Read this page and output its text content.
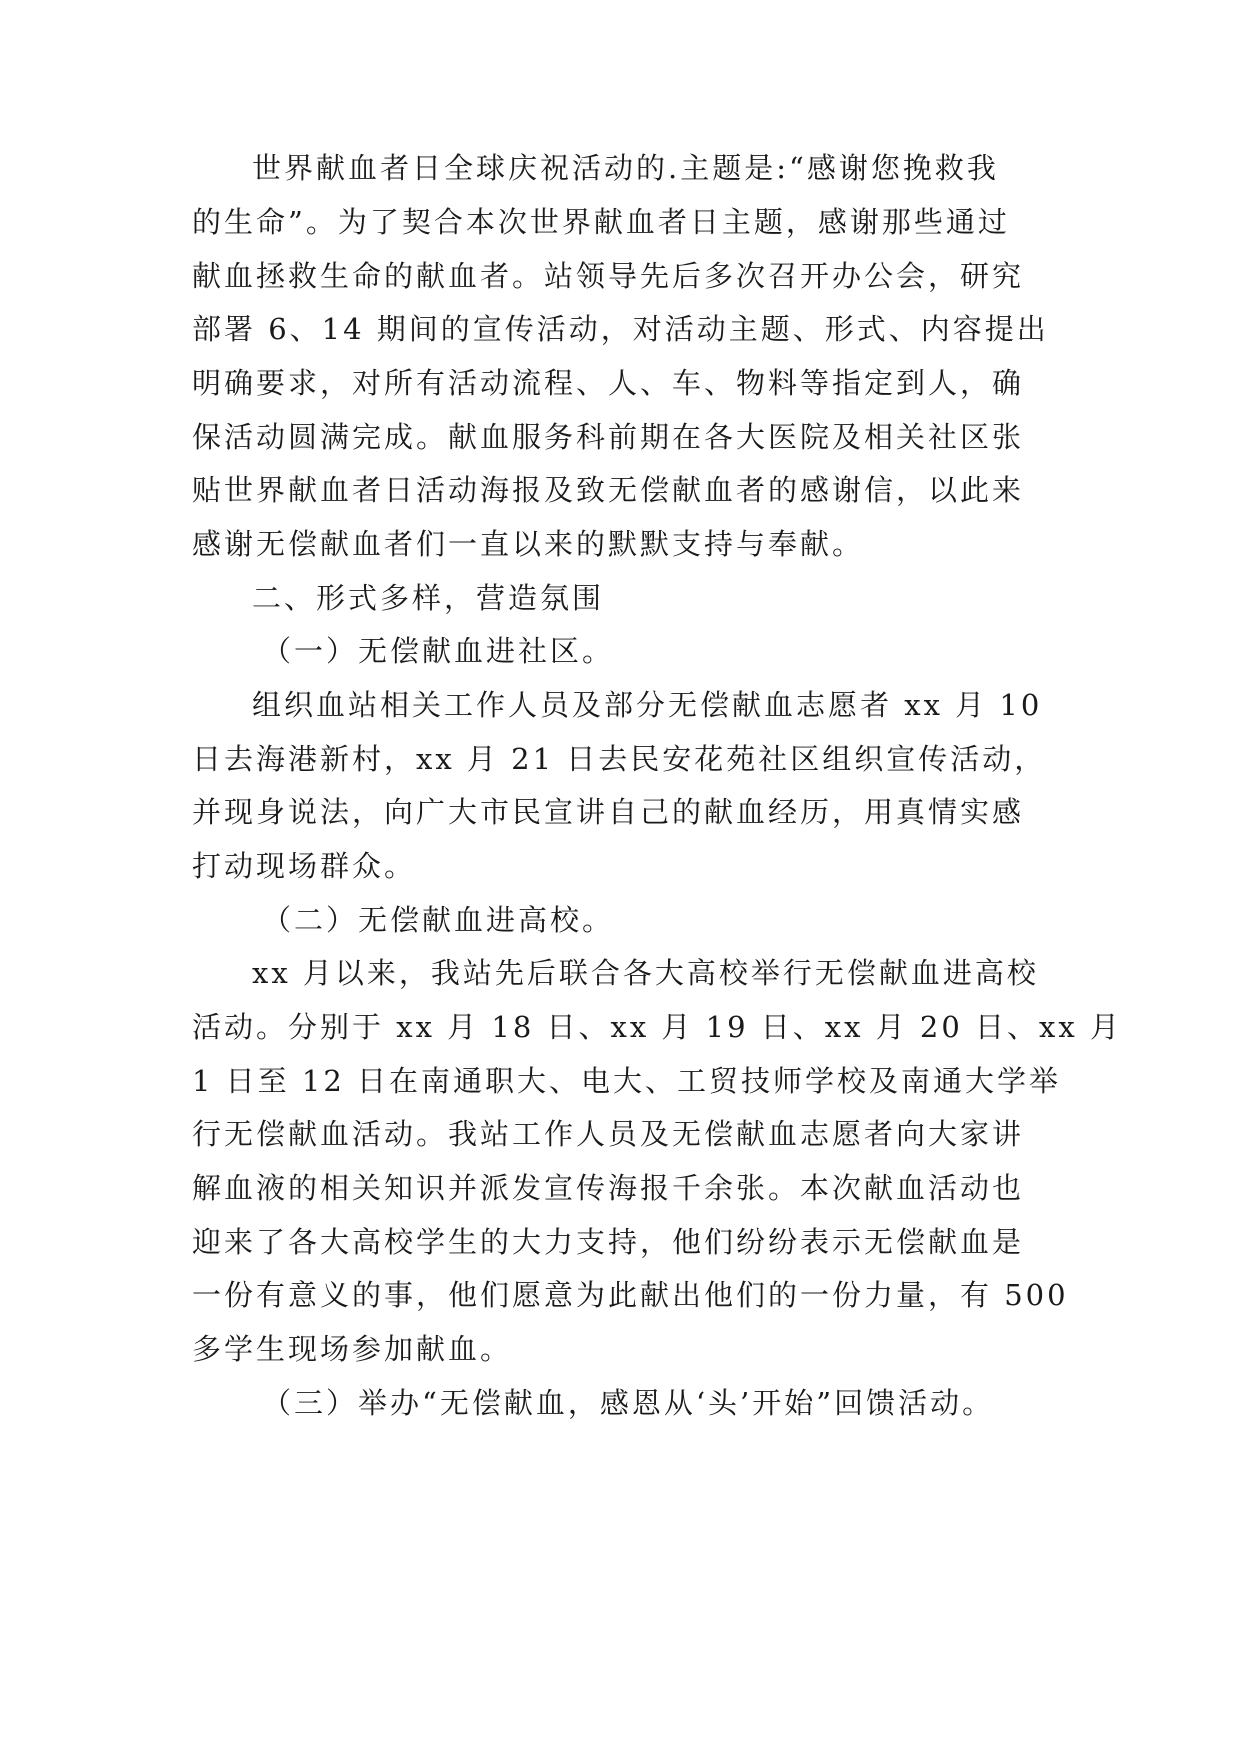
世界献血者日全球庆祝活动的.主题是:“感谢您挽救我
的生命”。为了契合本次世界献血者日主题，感谢那些通过
献血拯救生命的献血者。站领导先后多次召开办公会，研究
部署 6、14 期间的宣传活动，对活动主题、形式、内容提出
明确要求，对所有活动流程、人、车、物料等指定到人，确
保活动圆满完成。献血服务科前期在各大医院及相关社区张
贴世界献血者日活动海报及致无偿献血者的感谢信，以此来
感谢无偿献血者们一直以来的默默支持与奉献。
二、形式多样，营造氛围
（一）无偿献血进社区。
组织血站相关工作人员及部分无偿献血志愿者 xx 月 10
日去海港新村，xx 月 21 日去民安花苑社区组织宣传活动，
并现身说法，向广大市民宣讲自己的献血经历，用真情实感
打动现场群众。
（二）无偿献血进高校。
xx 月以来，我站先后联合各大高校举行无偿献血进高校
活动。分别于 xx 月 18 日、xx 月 19 日、xx 月 20 日、xx 月
1 日至 12 日在南通职大、电大、工贸技师学校及南通大学举
行无偿献血活动。我站工作人员及无偿献血志愿者向大家讲
解血液的相关知识并派发宣传海报千余张。本次献血活动也
迎来了各大高校学生的大力支持，他们纷纷表示无偿献血是
一份有意义的事，他们愿意为此献出他们的一份力量，有 500
多学生现场参加献血。
（三）举办“无偿献血，感恩从‘头’开始”回馈活动。
